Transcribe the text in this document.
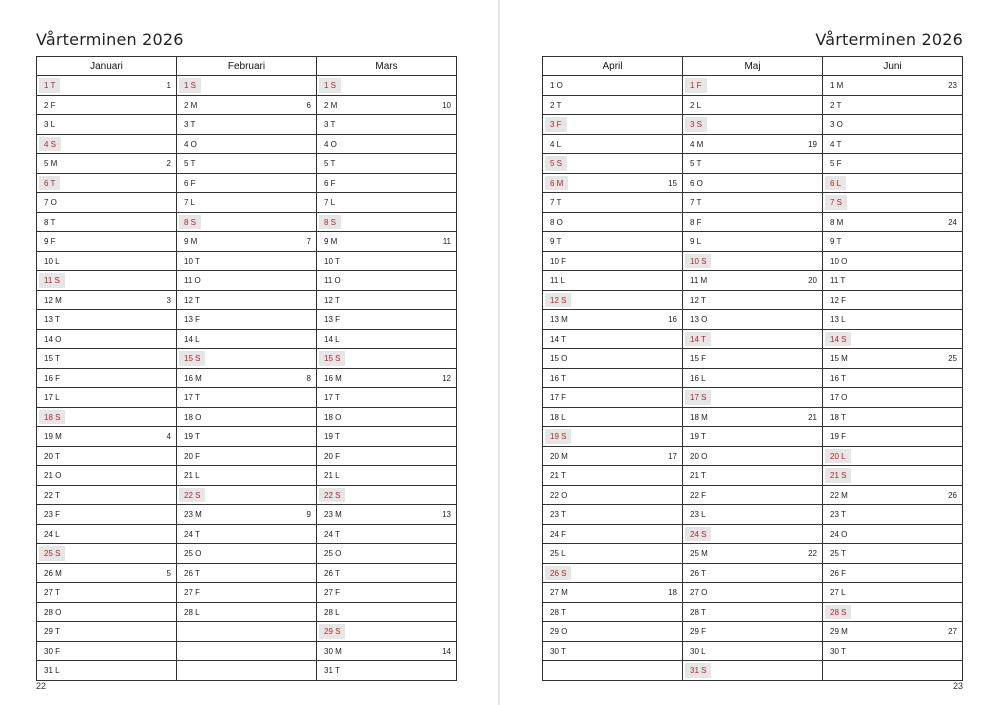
Vårterminen 2026
Januari	Februari	Mars

1 T 1	1 S	1 S

2 F	2 M 6	2 M 10

3 L	3 T	3 T

4 S	4 O	4 O

5 M 2	5 T	5 T

6 T	6 F	6 F

7 O	7 L	7 L

8 T	8 S	8 S

9 F	9 M 7	9 M 11

10 L	10 T	10 T

11 S	11 O	11 O

12 M 3	12 T	12 T

13 T	13 F	13 F

14 O	14 L	14 L

15 T	15 S	15 S

16 F	16 M 8	16 M 12

17 L	17 T	17 T

18 S	18 O	18 O

19 M 4	19 T	19 T

20 T	20 F	20 F

21 O	21 L	21 L

22 T	22 S	22 S

23 F	23 M 9	23 M 13

24 L	24 T	24 T

25 S	25 O	25 O

26 M 5	26 T	26 T

27 T	27 F	27 F

28 O	28 L	28 L

29 T		29 S

30 F		30 M 14

31 L		31 T
22
Vårterminen 2026
April	Maj	Juni

1 O	1 F	1 M 23

2 T	2 L	2 T

3 F	3 S	3 O

4 L	4 M 19	4 T

5 S	5 T	5 F

6 M 15	6 O	6 L

7 T	7 T	7 S

8 O	8 F	8 M 24

9 T	9 L	9 T

10 F	10 S	10 O

11 L	11 M 20	11 T

12 S	12 T	12 F

13 M 16	13 O	13 L

14 T	14 T	14 S

15 O	15 F	15 M 25

16 T	16 L	16 T

17 F	17 S	17 O

18 L	18 M 21	18 T

19 S	19 T	19 F

20 M 17	20 O	20 L

21 T	21 T	21 S

22 O	22 F	22 M 26

23 T	23 L	23 T

24 F	24 S	24 O

25 L	25 M 22	25 T

26 S	26 T	26 F

27 M 18	27 O	27 L

28 T	28 T	28 S

29 O	29 F	29 M 27

30 T	30 L	30 T

	31 S	

23
